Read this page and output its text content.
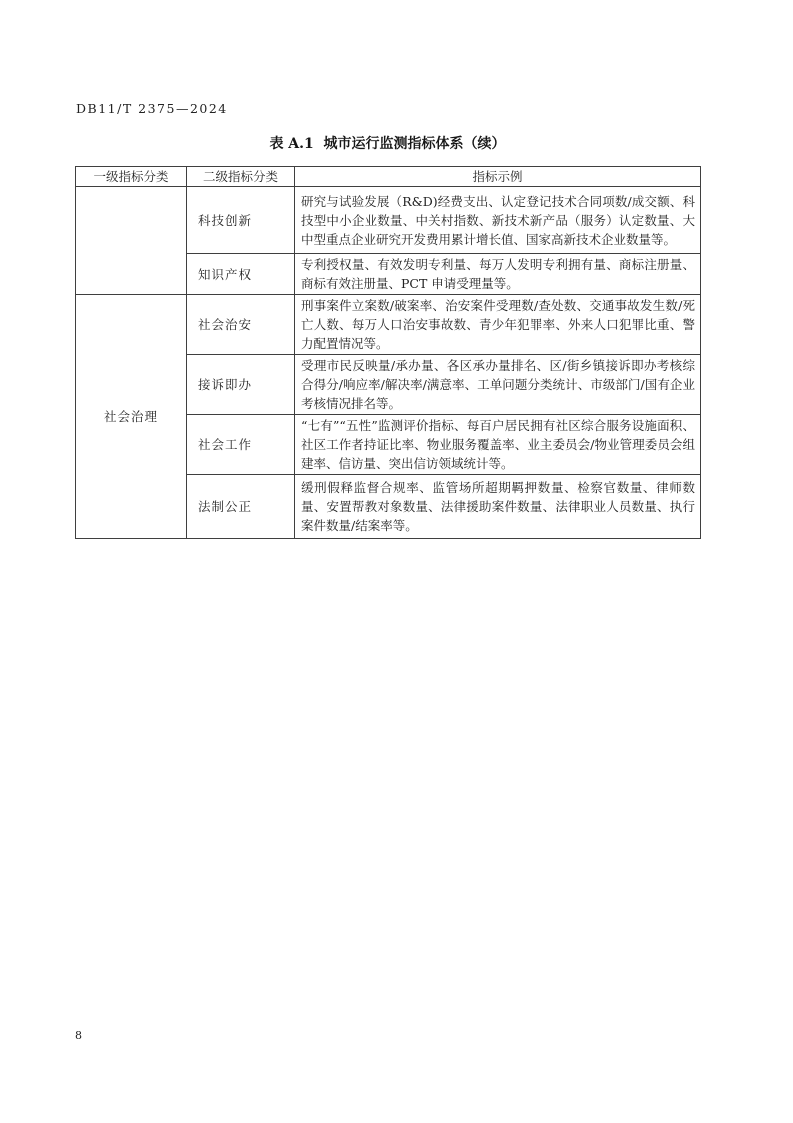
DB11/T 2375—2024
表 A.1  城市运行监测指标体系（续）
一级指标分类	二级指标分类	指标示例
	科技创新	研究与试验发展（R&D)经费支出、认定登记技术合同项数/成交额、科技型中小企业数量、中关村指数、新技术新产品（服务）认定数量、大中型重点企业研究开发费用累计增长值、国家高新技术企业数量等。
	知识产权	专利授权量、有效发明专利量、每万人发明专利拥有量、商标注册量、商标有效注册量、PCT 申请受理量等。
社会治理	社会治安	刑事案件立案数/破案率、治安案件受理数/查处数、交通事故发生数/死亡人数、每万人口治安事故数、青少年犯罪率、外来人口犯罪比重、警力配置情况等。
	接诉即办	受理市民反映量/承办量、各区承办量排名、区/街乡镇接诉即办考核综合得分/响应率/解决率/满意率、工单问题分类统计、市级部门/国有企业考核情况排名等。
	社会工作	“七有”“五性”监测评价指标、每百户居民拥有社区综合服务设施面积、社区工作者持证比率、物业服务覆盖率、业主委员会/物业管理委员会组建率、信访量、突出信访领域统计等。
	法制公正	缓刑假释监督合规率、监管场所超期羁押数量、检察官数量、律师数量、安置帮教对象数量、法律援助案件数量、法律职业人员数量、执行案件数量/结案率等。
8
